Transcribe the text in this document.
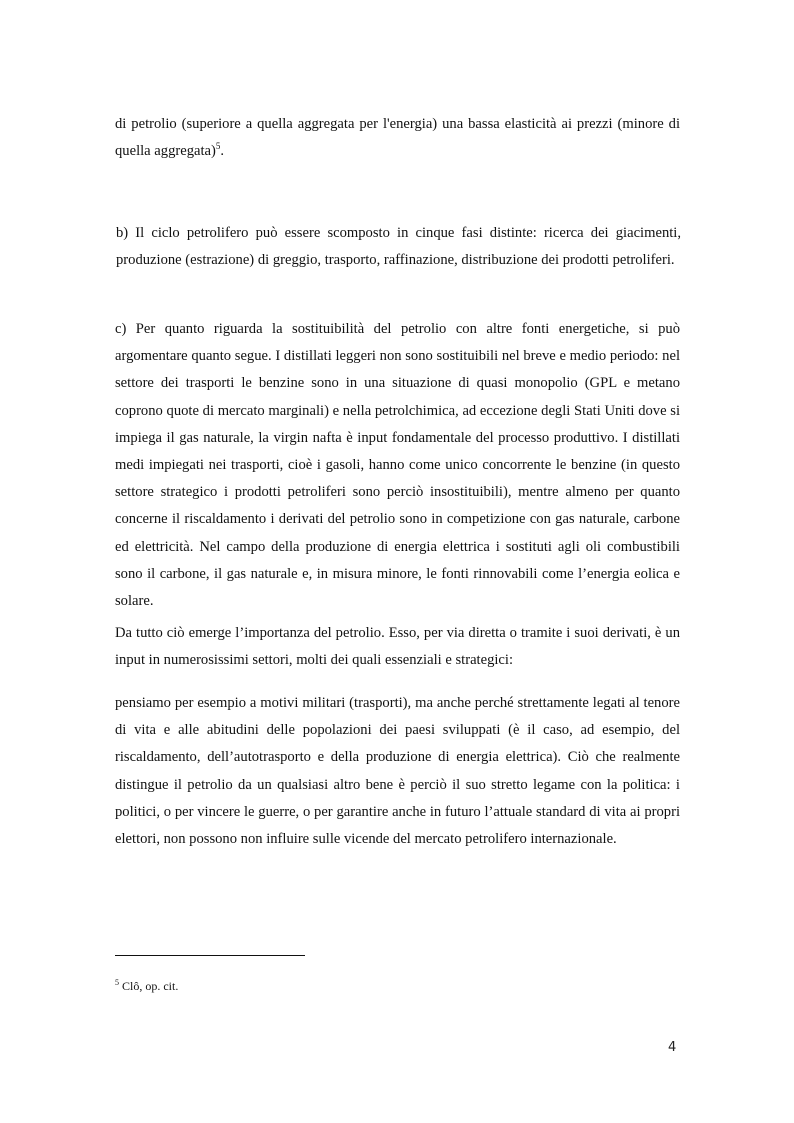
di petrolio (superiore a quella aggregata per l'energia) una bassa elasticità ai prezzi (minore di quella aggregata)$^5$.

b) Il ciclo petrolifero può essere scomposto in cinque fasi distinte: ricerca dei giacimenti, produzione (estrazione) di greggio, trasporto, raffinazione, distribuzione dei prodotti petroliferi.

c) Per quanto riguarda la sostituibilità del petrolio con altre fonti energetiche, si può argomentare quanto segue. I distillati leggeri non sono sostituibili nel breve e medio periodo: nel settore dei trasporti le benzine sono in una situazione di quasi monopolio (GPL e metano coprono quote di mercato marginali) e nella petrolchimica, ad eccezione degli Stati Uniti dove si impiega il gas naturale, la virgin nafta è input fondamentale del processo produttivo. I distillati medi impiegati nei trasporti, cioè i gasoli, hanno come unico concorrente le benzine (in questo settore strategico i prodotti petroliferi sono perciò insostituibili), mentre almeno per quanto concerne il riscaldamento i derivati del petrolio sono in competizione con gas naturale, carbone ed elettricità. Nel campo della produzione di energia elettrica i sostituti agli oli combustibili sono il carbone, il gas naturale e, in misura minore, le fonti rinnovabili come l’energia eolica e solare.

Da tutto ciò emerge l’importanza del petrolio. Esso, per via diretta o tramite i suoi derivati, è un input in numerosissimi settori, molti dei quali essenziali e strategici:

pensiamo per esempio a motivi militari (trasporti), ma anche perché strettamente legati al tenore di vita e alle abitudini delle popolazioni dei paesi sviluppati (è il caso, ad esempio, del riscaldamento, dell’autotrasporto e della produzione di energia elettrica). Ciò che realmente distingue il petrolio da un qualsiasi altro bene è perciò il suo stretto legame con la politica: i politici, o per vincere le guerre, o per garantire anche in futuro l’attuale standard di vita ai propri elettori, non possono non influire sulle vicende del mercato petrolifero internazionale.

$^5$ Clô, op. cit.
4
